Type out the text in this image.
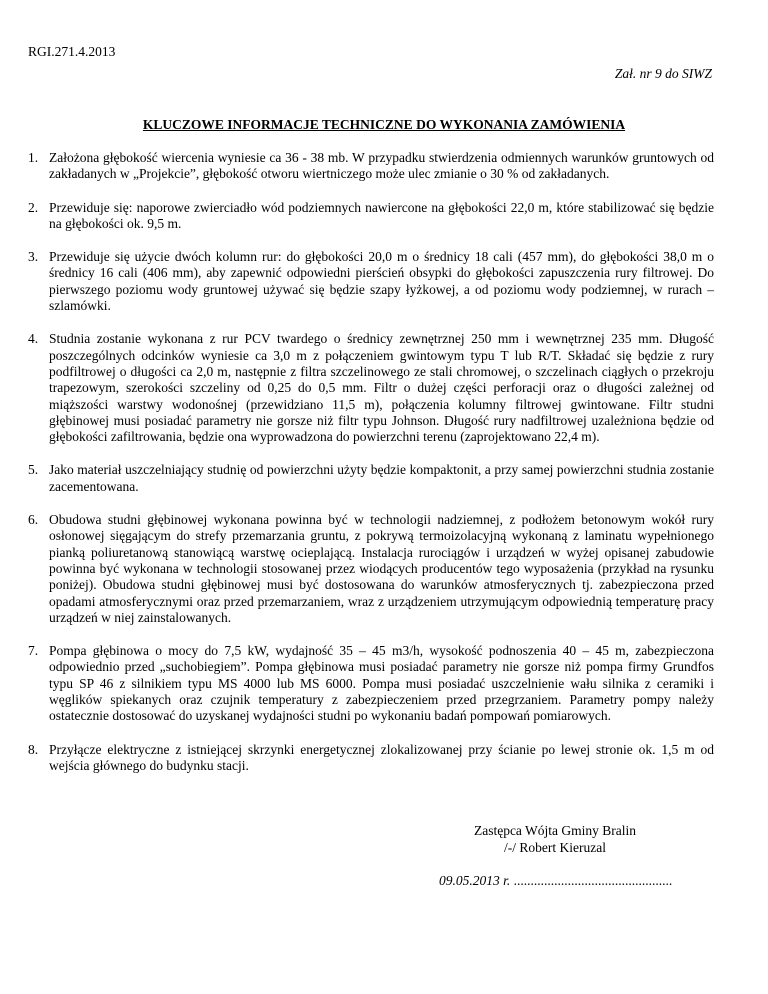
RGI.271.4.2013
Zał. nr 9 do SIWZ
KLUCZOWE INFORMACJE TECHNICZNE DO WYKONANIA ZAMÓWIENIA
1. Założona głębokość wiercenia wyniesie ca 36 - 38 mb. W przypadku stwierdzenia odmiennych warunków gruntowych od zakładanych w „Projekcie”, głębokość otworu wiertniczego może ulec zmianie o 30 % od zakładanych.
2. Przewiduje się: naporowe zwierciadło wód podziemnych nawiercone na głębokości 22,0 m, które stabilizować się będzie na głębokości ok. 9,5 m.
3. Przewiduje się użycie dwóch kolumn rur: do głębokości 20,0 m o średnicy 18 cali (457 mm), do głębokości 38,0 m o średnicy 16 cali (406 mm), aby zapewnić odpowiedni pierścień obsypki do głębokości zapuszczenia rury filtrowej. Do pierwszego poziomu wody gruntowej używać się będzie szapy łyżkowej, a od poziomu wody podziemnej, w rurach – szlamówki.
4. Studnia zostanie wykonana z rur PCV twardego o średnicy zewnętrznej 250 mm i wewnętrznej 235 mm. Długość poszczególnych odcinków wyniesie ca 3,0 m z połączeniem gwintowym typu T lub R/T. Składać się będzie z rury podfiltrowej o długości ca 2,0 m, następnie z filtra szczelinowego ze stali chromowej, o szczelinach ciągłych o przekroju trapezowym, szerokości szczeliny od 0,25 do 0,5 mm. Filtr o dużej części perforacji oraz o długości zależnej od miąższości warstwy wodonośnej (przewidziano 11,5 m), połączenia kolumny filtrowej gwintowane. Filtr studni głębinowej musi posiadać parametry nie gorsze niż filtr typu Johnson. Długość rury nadfiltrowej uzależniona będzie od głębokości zafiltrowania, będzie ona wyprowadzona do powierzchni terenu (zaprojektowano 22,4 m).
5. Jako materiał uszczelniający studnię od powierzchni użyty będzie kompaktonit, a przy samej powierzchni studnia zostanie zacementowana.
6. Obudowa studni głębinowej wykonana powinna być w technologii nadziemnej, z podłożem betonowym wokół rury osłonowej sięgającym do strefy przemarzania gruntu, z pokrywą termoizolacyjną wykonaną z laminatu wypełnionego pianką poliuretanową stanowiącą warstwę ocieplającą. Instalacja rurociągów i urządzeń w wyżej opisanej zabudowie powinna być wykonana w technologii stosowanej przez wiodących producentów tego wyposażenia (przykład na rysunku poniżej). Obudowa studni głębinowej musi być dostosowana do warunków atmosferycznych tj. zabezpieczona przed opadami atmosferycznymi oraz przed przemarzaniem, wraz z urządzeniem utrzymującym odpowiednią temperaturę pracy urządzeń w niej zainstalowanych.
7. Pompa głębinowa o mocy do 7,5 kW, wydajność 35 – 45 m3/h, wysokość podnoszenia 40 – 45 m, zabezpieczona odpowiednio przed „suchobiegiem”. Pompa głębinowa musi posiadać parametry nie gorsze niż pompa firmy Grundfos typu SP 46 z silnikiem typu MS 4000 lub MS 6000. Pompa musi posiadać uszczelnienie wału silnika z ceramiki i węglików spiekanych oraz czujnik temperatury z zabezpieczeniem przed przegrzaniem. Parametry pompy należy ostatecznie dostosować do uzyskanej wydajności studni po wykonaniu badań pompowań pomiarowych.
8. Przyłącze elektryczne z istniejącej skrzynki energetycznej zlokalizowanej przy ścianie po lewej stronie ok. 1,5 m od wejścia głównego do budynku stacji.
Zastępca Wójta Gminy Bralin
/-/ Robert Kieruzal
09.05.2013 r. ...............................................
